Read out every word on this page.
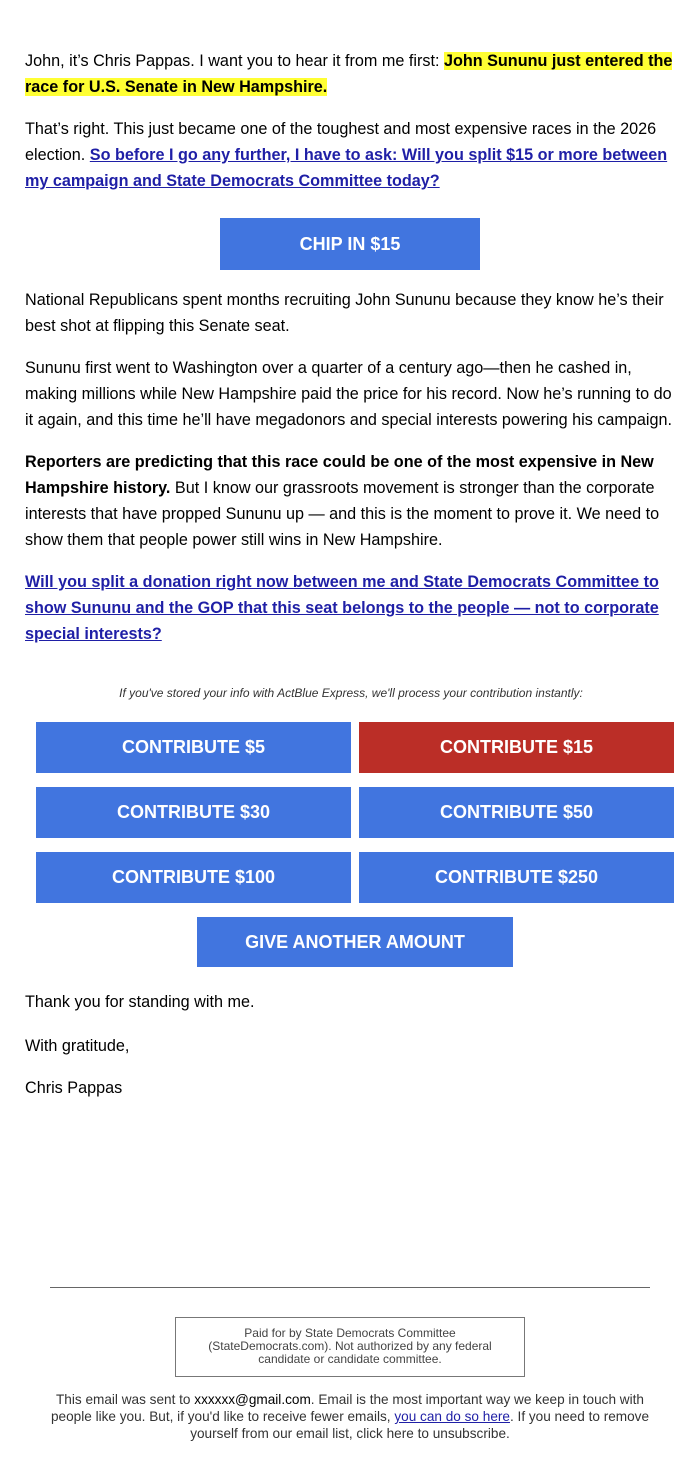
John, it’s Chris Pappas. I want you to hear it from me first: John Sununu just entered the race for U.S. Senate in New Hampshire.

That’s right. This just became one of the toughest and most expensive races in the 2026 election. So before I go any further, I have to ask: Will you split $15 or more between my campaign and State Democrats Committee today?

CHIP IN $15

National Republicans spent months recruiting John Sununu because they know he’s their best shot at flipping this Senate seat.

Sununu first went to Washington over a quarter of a century ago—then he cashed in, making millions while New Hampshire paid the price for his record. Now he’s running to do it again, and this time he’ll have megadonors and special interests powering his campaign.

Reporters are predicting that this race could be one of the most expensive in New Hampshire history. But I know our grassroots movement is stronger than the corporate interests that have propped Sununu up — and this is the moment to prove it. We need to show them that people power still wins in New Hampshire.

Will you split a donation right now between me and State Democrats Committee to show Sununu and the GOP that this seat belongs to the people — not to corporate special interests?

If you've stored your info with ActBlue Express, we'll process your contribution instantly:
CONTRIBUTE $5	CONTRIBUTE $15
CONTRIBUTE $30	CONTRIBUTE $50
CONTRIBUTE $100	CONTRIBUTE $250
GIVE ANOTHER AMOUNT
Thank you for standing with me.
With gratitude,
Chris Pappas
Paid for by State Democrats Committee (StateDemocrats.com). Not authorized by any federal candidate or candidate committee.
This email was sent to xxxxxx@gmail.com. Email is the most important way we keep in touch with people like you. But, if you'd like to receive fewer emails, you can do so here. If you need to remove yourself from our email list, click here to unsubscribe.
